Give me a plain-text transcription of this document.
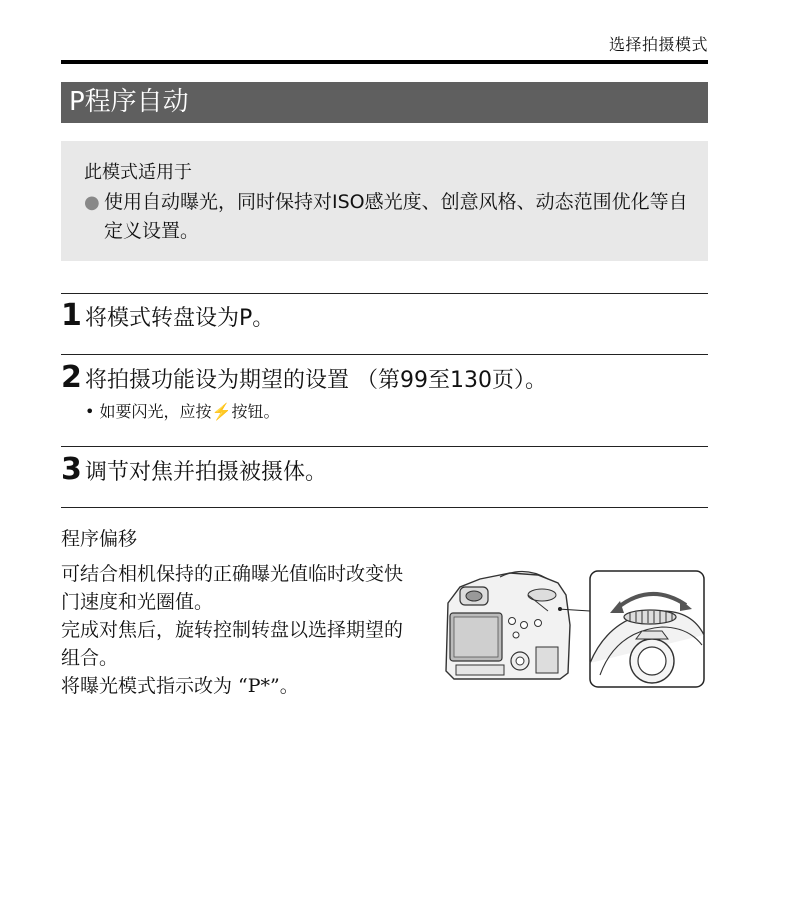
选择拍摄模式
P程序自动
此模式适用于
● 使用自动曝光，同时保持对ISO感光度、创意风格、动态范围优化等自定义设置。
1 将模式转盘设为P。
2 将拍摄功能设为期望的设置 （第99至130页）。
• 如要闪光，应按⚡按钮。
3 调节对焦并拍摄被摄体。
程序偏移

可结合相机保持的正确曝光值临时改变快门速度和光圈值。

完成对焦后，旋转控制转盘以选择期望的组合。

将曝光模式指示改为 “P*”。
